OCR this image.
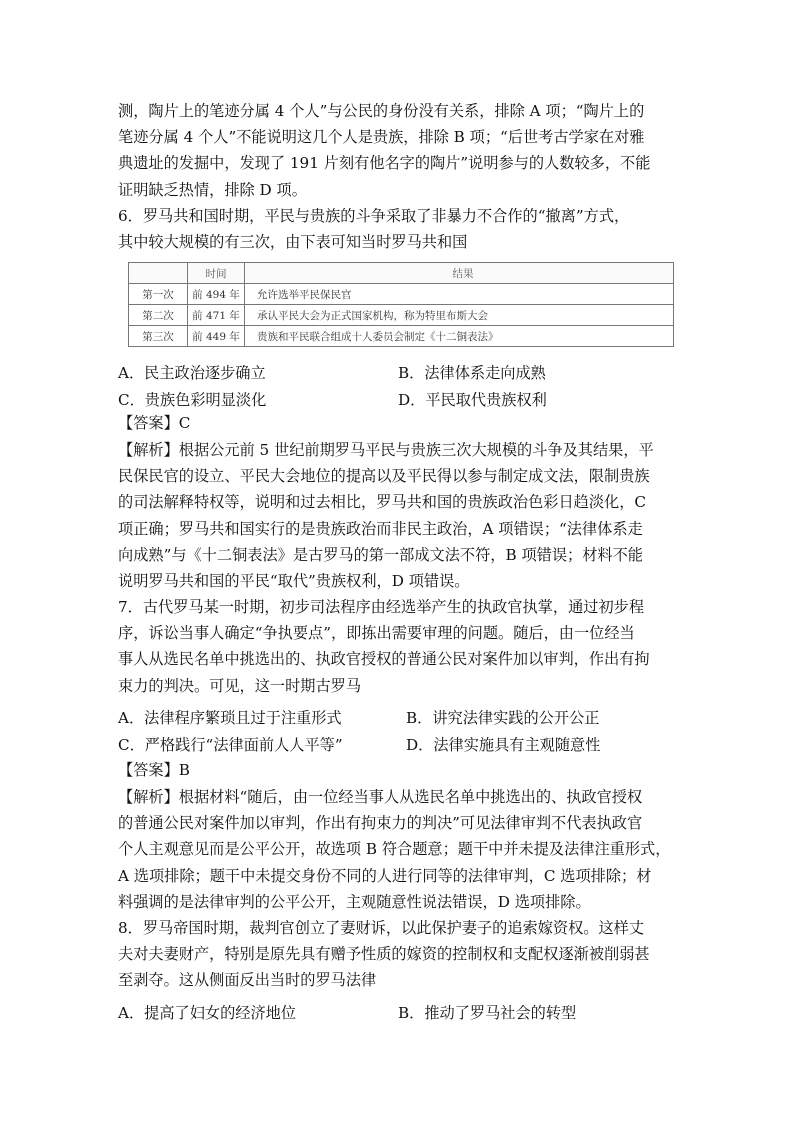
测，陶片上的笔迹分属 4 个人”与公民的身份没有关系，排除 A 项；“陶片上的
笔迹分属 4 个人”不能说明这几个人是贵族，排除 B 项；“后世考古学家在对雅
典遗址的发掘中，发现了 191 片刻有他名字的陶片”说明参与的人数较多，不能
证明缺乏热情，排除 D 项。
6．罗马共和国时期，平民与贵族的斗争采取了非暴力不合作的“撤离”方式，
其中较大规模的有三次，由下表可知当时罗马共和国
	时间	结果
第一次	前 494 年	允许选举平民保民官
第二次	前 471 年	承认平民大会为正式国家机构，称为特里布斯大会
第三次	前 449 年	贵族和平民联合组成十人委员会制定《十二铜表法》
A．民主政治逐步确立	B．法律体系走向成熟
C．贵族色彩明显淡化	D．平民取代贵族权利
【答案】C
【解析】根据公元前 5 世纪前期罗马平民与贵族三次大规模的斗争及其结果，平
民保民官的设立、平民大会地位的提高以及平民得以参与制定成文法，限制贵族
的司法解释特权等，说明和过去相比，罗马共和国的贵族政治色彩日趋淡化，C
项正确；罗马共和国实行的是贵族政治而非民主政治，A 项错误；“法律体系走
向成熟”与《十二铜表法》是古罗马的第一部成文法不符，B 项错误；材料不能
说明罗马共和国的平民“取代”贵族权利，D 项错误。
7．古代罗马某一时期，初步司法程序由经选举产生的执政官执掌，通过初步程
序，诉讼当事人确定“争执要点”，即拣出需要审理的问题。随后，由一位经当
事人从选民名单中挑选出的、执政官授权的普通公民对案件加以审判，作出有拘
束力的判决。可见，这一时期古罗马
A．法律程序繁琐且过于注重形式	B．讲究法律实践的公开公正
C．严格践行“法律面前人人平等”	D．法律实施具有主观随意性
【答案】B
【解析】根据材料“随后，由一位经当事人从选民名单中挑选出的、执政官授权
的普通公民对案件加以审判，作出有拘束力的判决”可见法律审判不代表执政官
个人主观意见而是公平公开，故选项 B 符合题意；题干中并未提及法律注重形式，
A 选项排除；题干中未提交身份不同的人进行同等的法律审判，C 选项排除；材
料强调的是法律审判的公平公开，主观随意性说法错误，D 选项排除。
8．罗马帝国时期，裁判官创立了妻财诉，以此保护妻子的追索嫁资权。这样丈
夫对夫妻财产，特别是原先具有赠予性质的嫁资的控制权和支配权逐渐被削弱甚
至剥夺。这从侧面反出当时的罗马法律
A．提高了妇女的经济地位	B．推动了罗马社会的转型
